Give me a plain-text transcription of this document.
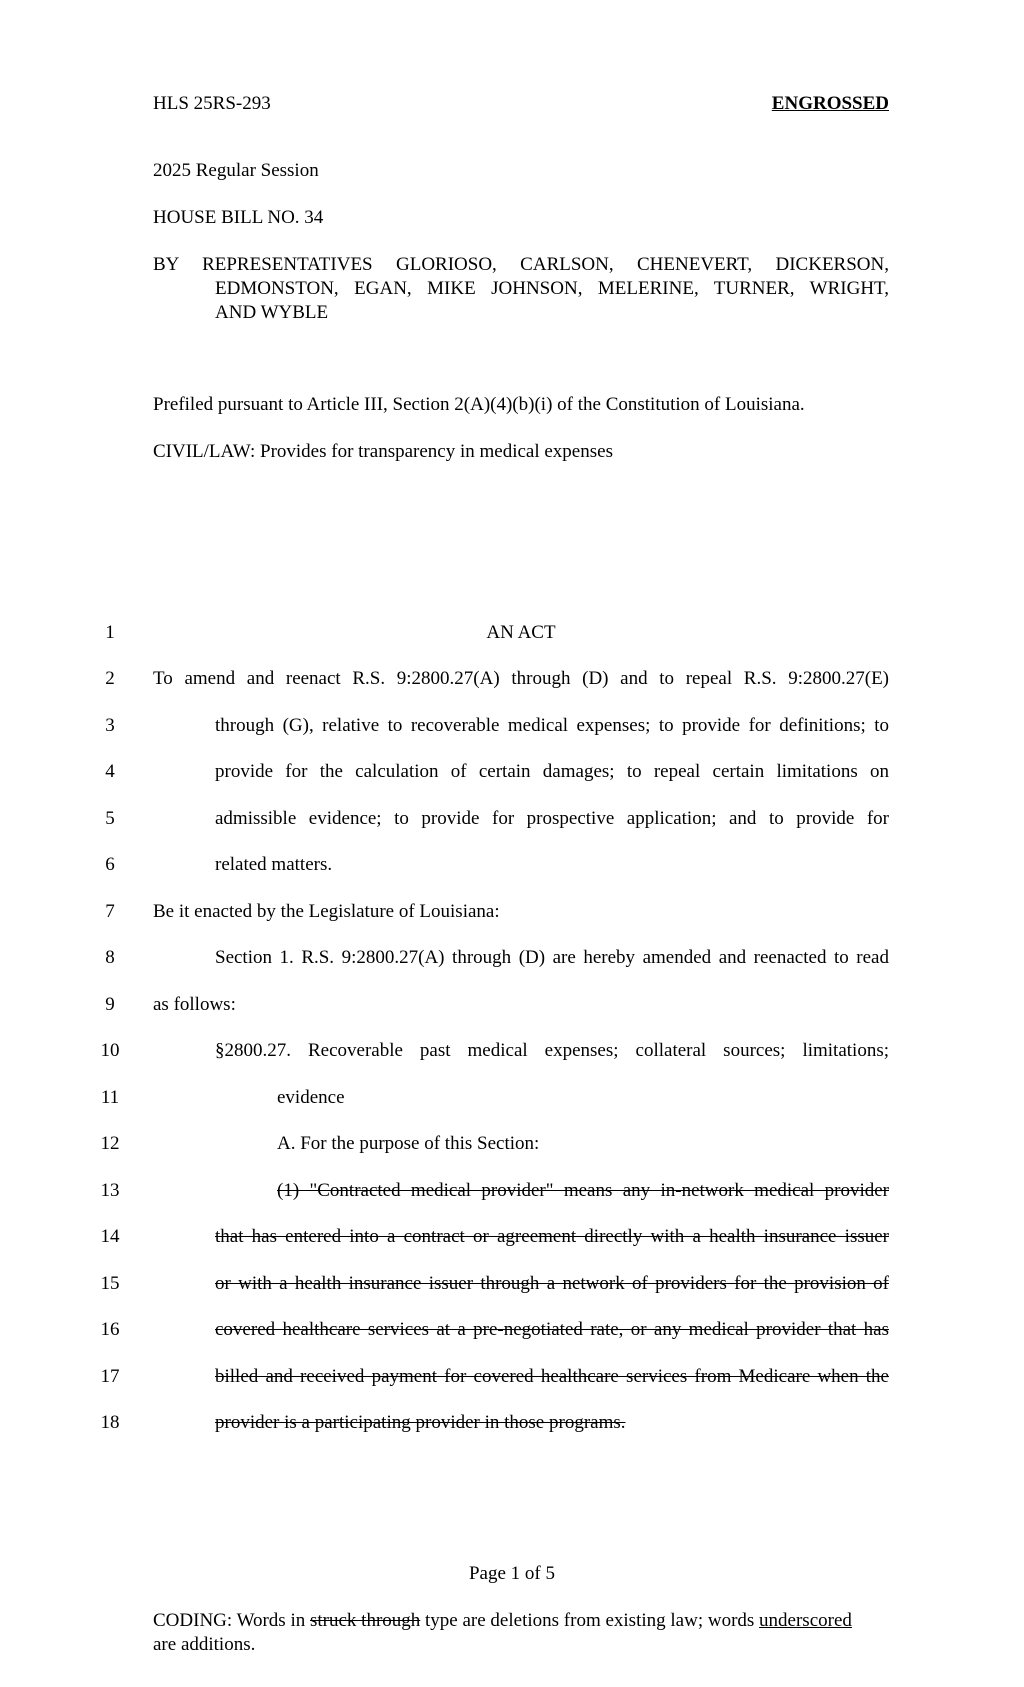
HLS 25RS-293	ENGROSSED
2025 Regular Session
HOUSE BILL NO. 34
BY REPRESENTATIVES GLORIOSO, CARLSON, CHENEVERT, DICKERSON,
EDMONSTON, EGAN, MIKE JOHNSON, MELERINE, TURNER, WRIGHT,
AND WYBLE
Prefiled pursuant to Article III, Section 2(A)(4)(b)(i) of the Constitution of Louisiana.
CIVIL/LAW: Provides for transparency in medical expenses
1	AN ACT
2	To amend and reenact R.S. 9:2800.27(A) through (D) and to repeal R.S. 9:2800.27(E)
3	through (G), relative to recoverable medical expenses; to provide for definitions; to
4	provide for the calculation of certain damages; to repeal certain limitations on
5	admissible evidence; to provide for prospective application; and to provide for
6	related matters.
7	Be it enacted by the Legislature of Louisiana:
8	Section 1. R.S. 9:2800.27(A) through (D) are hereby amended and reenacted to read
9	as follows:
10	§2800.27. Recoverable past medical expenses; collateral sources; limitations;
11	evidence
12	A. For the purpose of this Section:
13	(1) "Contracted medical provider" means any in-network medical provider
14	that has entered into a contract or agreement directly with a health insurance issuer
15	or with a health insurance issuer through a network of providers for the provision of
16	covered healthcare services at a pre-negotiated rate, or any medical provider that has
17	billed and received payment for covered healthcare services from Medicare when the
18	provider is a participating provider in those programs.
Page 1 of 5
CODING: Words in struck through type are deletions from existing law; words underscored
are additions.
